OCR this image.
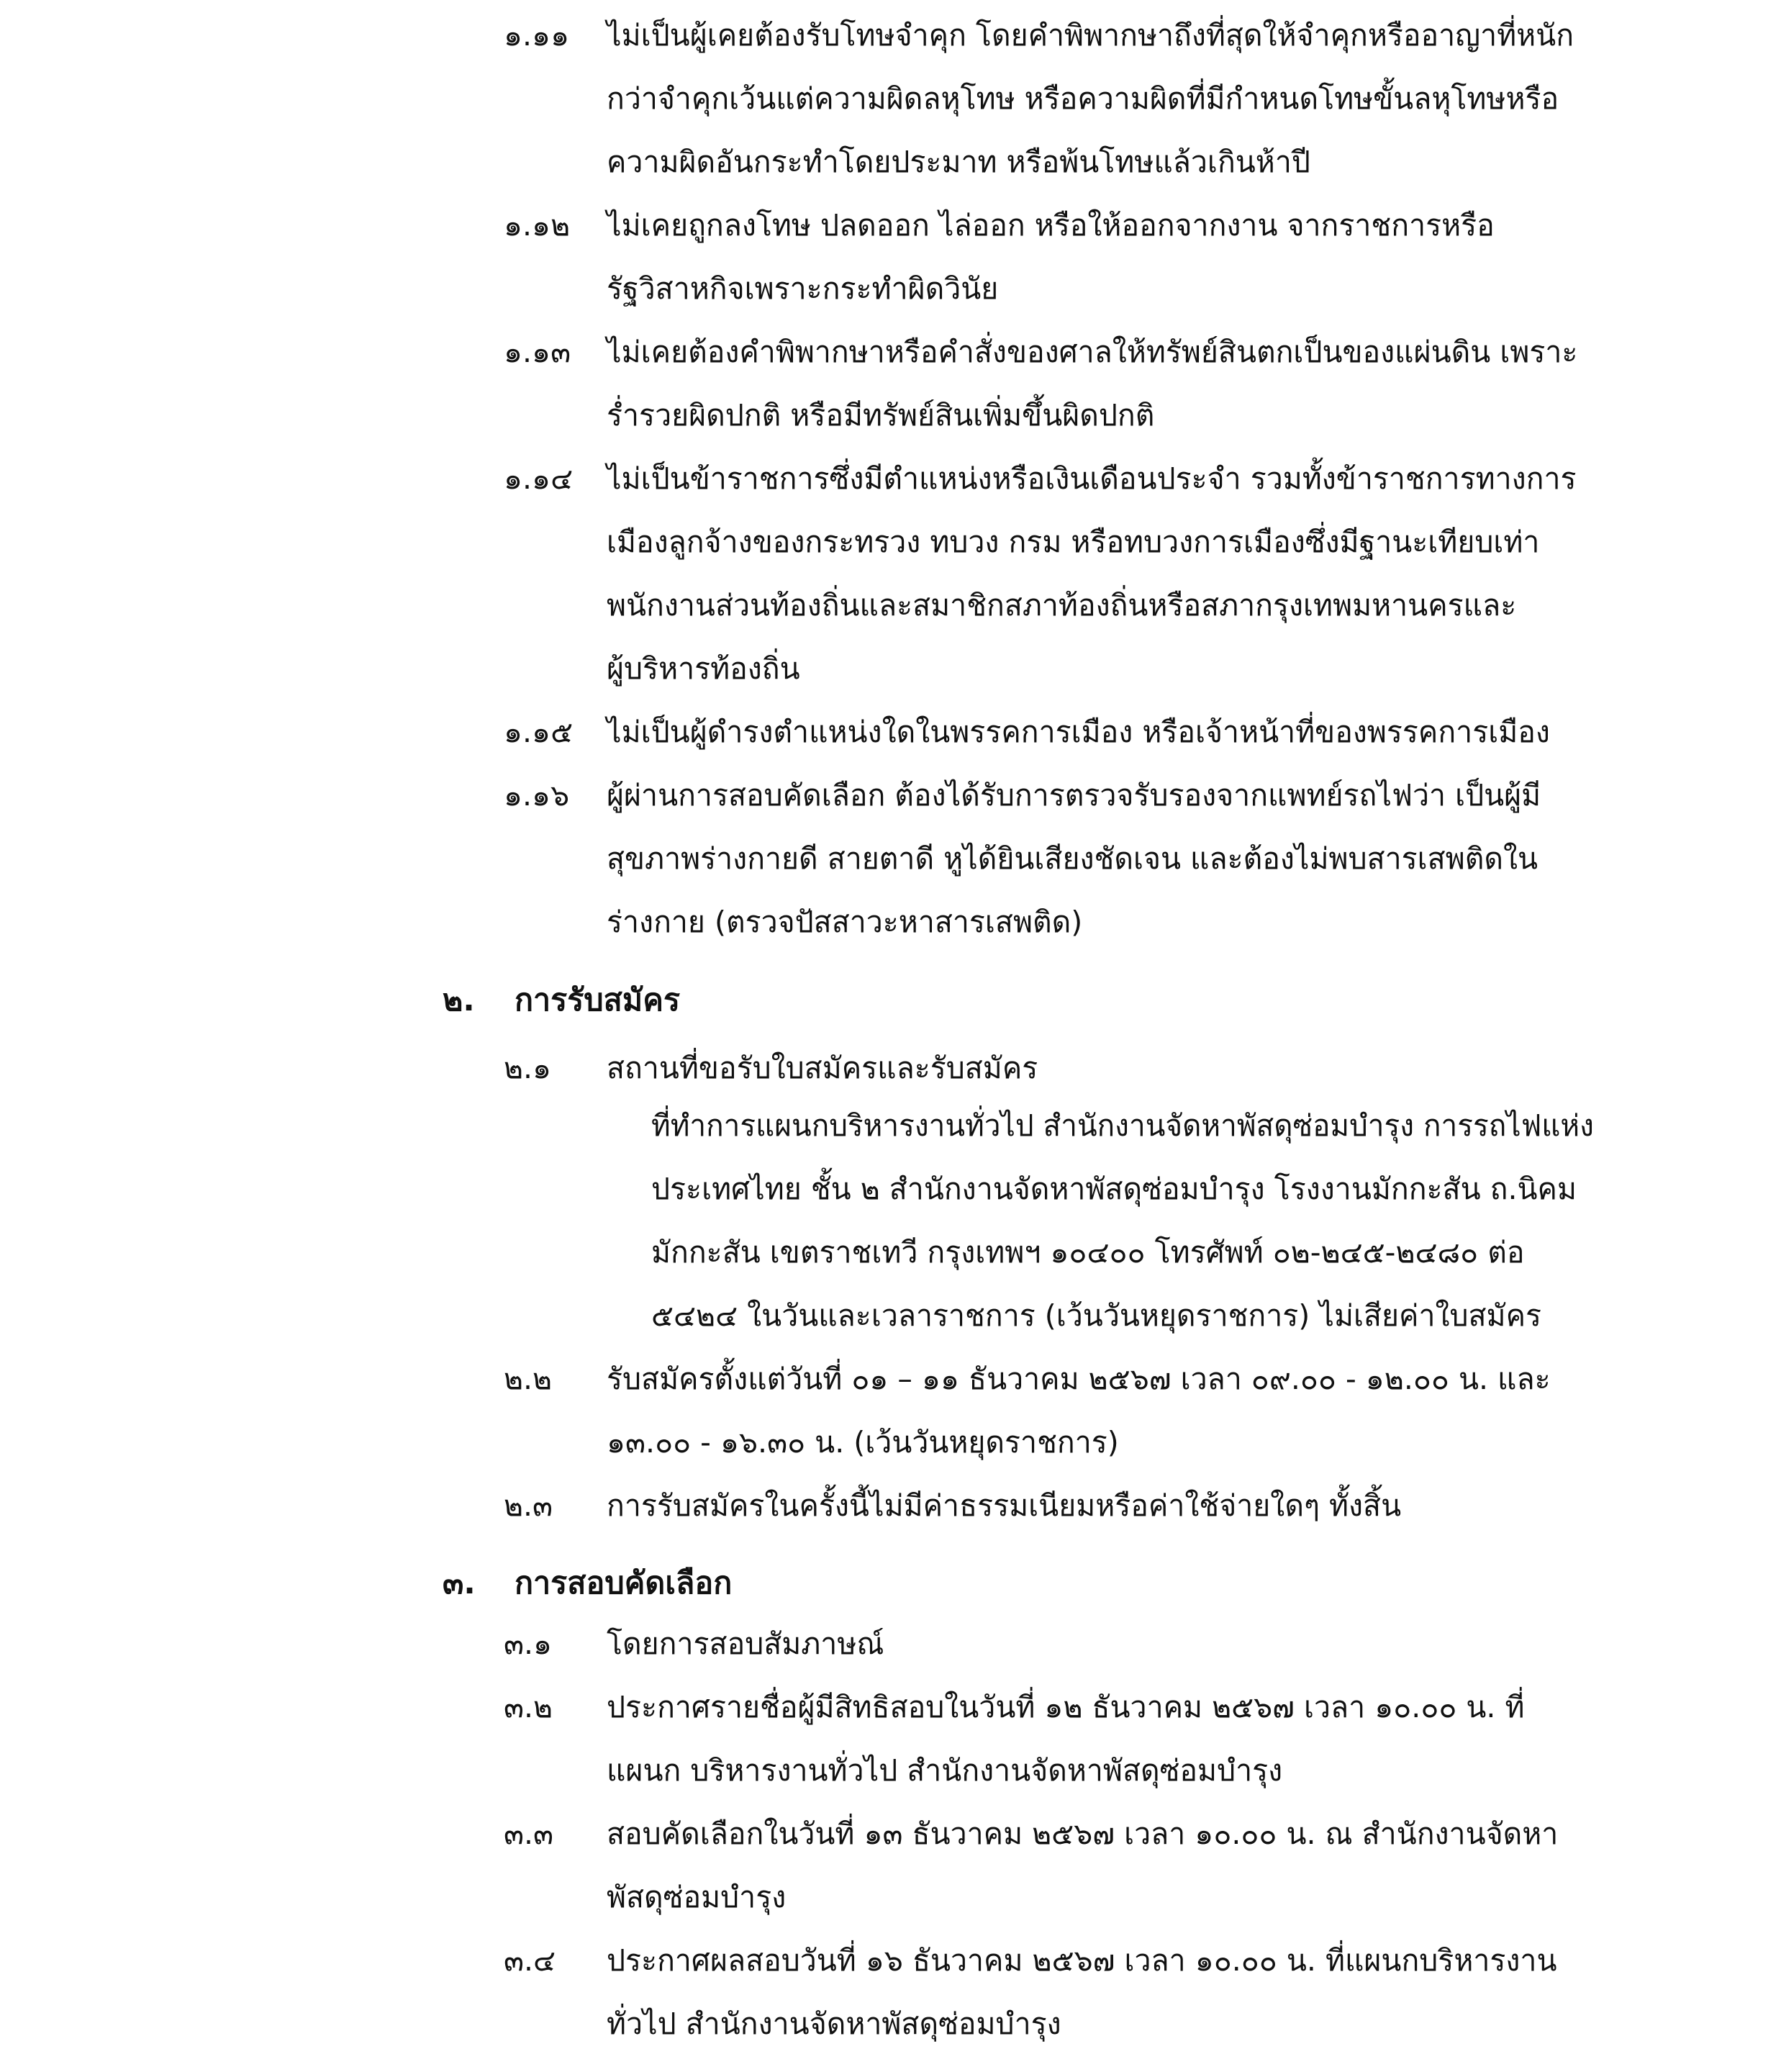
๑.๑๑ ไม่เป็นผู้เคยต้องรับโทษจำคุก โดยคำพิพากษาถึงที่สุดให้จำคุกหรืออาญาที่หนัก
กว่าจำคุกเว้นแต่ความผิดลหุโทษ หรือความผิดที่มีกำหนดโทษขั้นลหุโทษหรือ
ความผิดอันกระทำโดยประมาท หรือพ้นโทษแล้วเกินห้าปี
๑.๑๒ ไม่เคยถูกลงโทษ ปลดออก ไล่ออก หรือให้ออกจากงาน จากราชการหรือ
รัฐวิสาหกิจเพราะกระทำผิดวินัย
๑.๑๓ ไม่เคยต้องคำพิพากษาหรือคำสั่งของศาลให้ทรัพย์สินตกเป็นของแผ่นดิน เพราะ
ร่ำรวยผิดปกติ หรือมีทรัพย์สินเพิ่มขึ้นผิดปกติ
๑.๑๔ ไม่เป็นข้าราชการซึ่งมีตำแหน่งหรือเงินเดือนประจำ รวมทั้งข้าราชการทางการ
เมืองลูกจ้างของกระทรวง ทบวง กรม หรือทบวงการเมืองซึ่งมีฐานะเทียบเท่า
พนักงานส่วนท้องถิ่นและสมาชิกสภาท้องถิ่นหรือสภากรุงเทพมหานครและ
ผู้บริหารท้องถิ่น
๑.๑๕ ไม่เป็นผู้ดำรงตำแหน่งใดในพรรคการเมือง หรือเจ้าหน้าที่ของพรรคการเมือง
๑.๑๖ ผู้ผ่านการสอบคัดเลือก ต้องได้รับการตรวจรับรองจากแพทย์รถไฟว่า เป็นผู้มี
สุขภาพร่างกายดี สายตาดี หูได้ยินเสียงชัดเจน และต้องไม่พบสารเสพติดใน
ร่างกาย (ตรวจปัสสาวะหาสารเสพติด)
๒. การรับสมัคร
๒.๑ สถานที่ขอรับใบสมัครและรับสมัคร
ที่ทำการแผนกบริหารงานทั่วไป สำนักงานจัดหาพัสดุซ่อมบำรุง การรถไฟแห่ง
ประเทศไทย ชั้น ๒ สำนักงานจัดหาพัสดุซ่อมบำรุง โรงงานมักกะสัน ถ.นิคม
มักกะสัน เขตราชเทวี กรุงเทพฯ ๑๐๔๐๐ โทรศัพท์ ๐๒-๒๔๕-๒๔๘๐ ต่อ
๕๔๒๔ ในวันและเวลาราชการ (เว้นวันหยุดราชการ) ไม่เสียค่าใบสมัคร
๒.๒ รับสมัครตั้งแต่วันที่ ๐๑ – ๑๑ ธันวาคม ๒๕๖๗ เวลา ๐๙.๐๐ - ๑๒.๐๐ น. และ
๑๓.๐๐ - ๑๖.๓๐ น. (เว้นวันหยุดราชการ)
๒.๓ การรับสมัครในครั้งนี้ไม่มีค่าธรรมเนียมหรือค่าใช้จ่ายใดๆ ทั้งสิ้น
๓. การสอบคัดเลือก
๓.๑ โดยการสอบสัมภาษณ์
๓.๒ ประกาศรายชื่อผู้มีสิทธิสอบในวันที่ ๑๒ ธันวาคม ๒๕๖๗ เวลา ๑๐.๐๐ น. ที่
แผนก บริหารงานทั่วไป สำนักงานจัดหาพัสดุซ่อมบำรุง
๓.๓ สอบคัดเลือกในวันที่ ๑๓ ธันวาคม ๒๕๖๗ เวลา ๑๐.๐๐ น. ณ สำนักงานจัดหา
พัสดุซ่อมบำรุง
๓.๔ ประกาศผลสอบวันที่ ๑๖ ธันวาคม ๒๕๖๗ เวลา ๑๐.๐๐ น. ที่แผนกบริหารงาน
ทั่วไป สำนักงานจัดหาพัสดุซ่อมบำรุง
